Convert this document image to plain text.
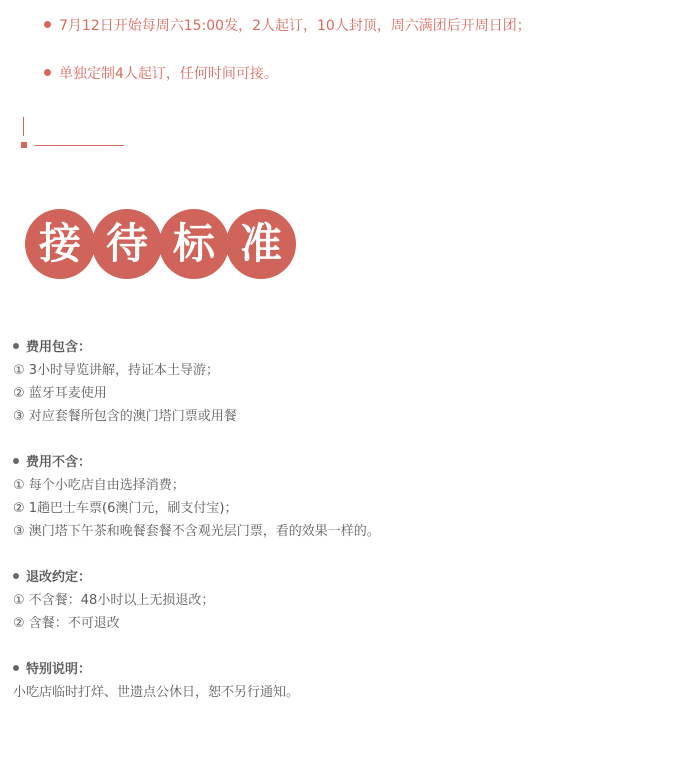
7月12日开始每周六15:00发，2人起订，10人封顶，周六满团后开周日团；
单独定制4人起订，任何时间可接。
接 待 标 准
费用包含：
① 3小时导览讲解，持证本土导游；
② 蓝牙耳麦使用
③ 对应套餐所包含的澳门塔门票或用餐
费用不含：
① 每个小吃店自由选择消费；
② 1趟巴士车票(6澳门元，刷支付宝)；
③ 澳门塔下午茶和晚餐套餐不含观光层门票，看的效果一样的。
退改约定：
① 不含餐：48小时以上无损退改；
② 含餐：不可退改
特别说明：
小吃店临时打烊、世遗点公休日，恕不另行通知。
